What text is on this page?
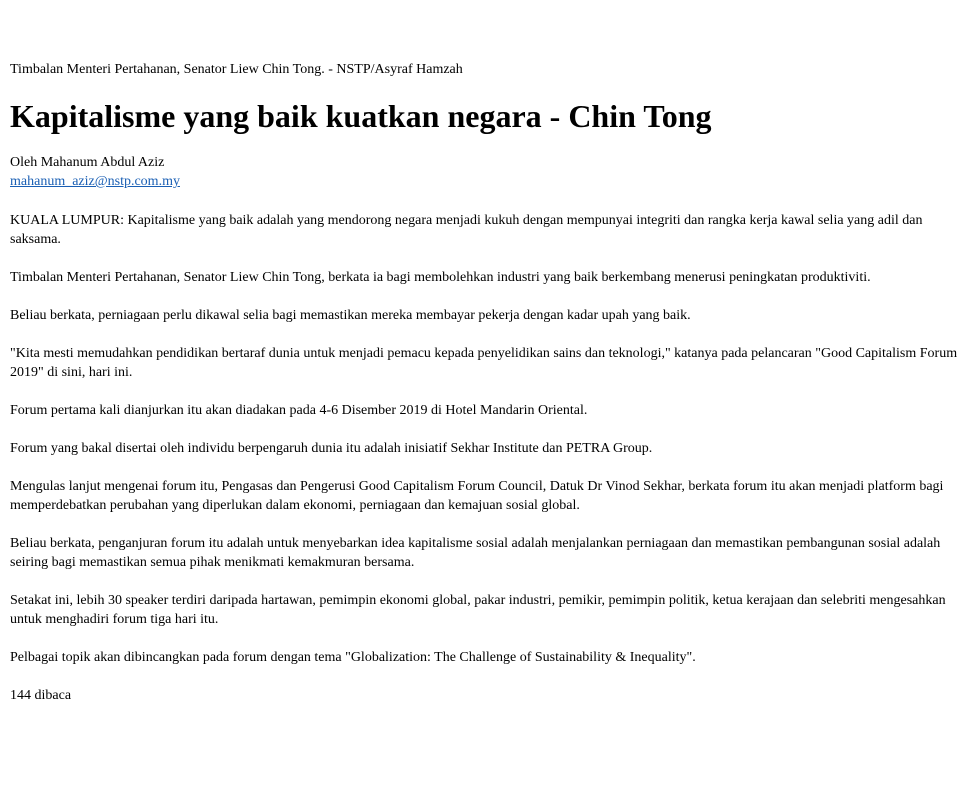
Timbalan Menteri Pertahanan, Senator Liew Chin Tong. - NSTP/Asyraf Hamzah
Kapitalisme yang baik kuatkan negara - Chin Tong
Oleh Mahanum Abdul Aziz
mahanum_aziz@nstp.com.my

KUALA LUMPUR: Kapitalisme yang baik adalah yang mendorong negara menjadi kukuh dengan mempunyai integriti dan rangka kerja kawal selia yang adil dan saksama.

Timbalan Menteri Pertahanan, Senator Liew Chin Tong, berkata ia bagi membolehkan industri yang baik berkembang menerusi peningkatan produktiviti.

Beliau berkata, perniagaan perlu dikawal selia bagi memastikan mereka membayar pekerja dengan kadar upah yang baik.

"Kita mesti memudahkan pendidikan bertaraf dunia untuk menjadi pemacu kepada penyelidikan sains dan teknologi," katanya pada pelancaran "Good Capitalism Forum 2019" di sini, hari ini.

Forum pertama kali dianjurkan itu akan diadakan pada 4-6 Disember 2019 di Hotel Mandarin Oriental.

Forum yang bakal disertai oleh individu berpengaruh dunia itu adalah inisiatif Sekhar Institute dan PETRA Group.

Mengulas lanjut mengenai forum itu, Pengasas dan Pengerusi Good Capitalism Forum Council, Datuk Dr Vinod Sekhar, berkata forum itu akan menjadi platform bagi memperdebatkan perubahan yang diperlukan dalam ekonomi, perniagaan dan kemajuan sosial global.

Beliau berkata, penganjuran forum itu adalah untuk menyebarkan idea kapitalisme sosial adalah menjalankan perniagaan dan memastikan pembangunan sosial adalah seiring bagi memastikan semua pihak menikmati kemakmuran bersama.

Setakat ini, lebih 30 speaker terdiri daripada hartawan, pemimpin ekonomi global, pakar industri, pemikir, pemimpin politik, ketua kerajaan dan selebriti mengesahkan untuk menghadiri forum tiga hari itu.

Pelbagai topik akan dibincangkan pada forum dengan tema "Globalization: The Challenge of Sustainability & Inequality".

144 dibaca
